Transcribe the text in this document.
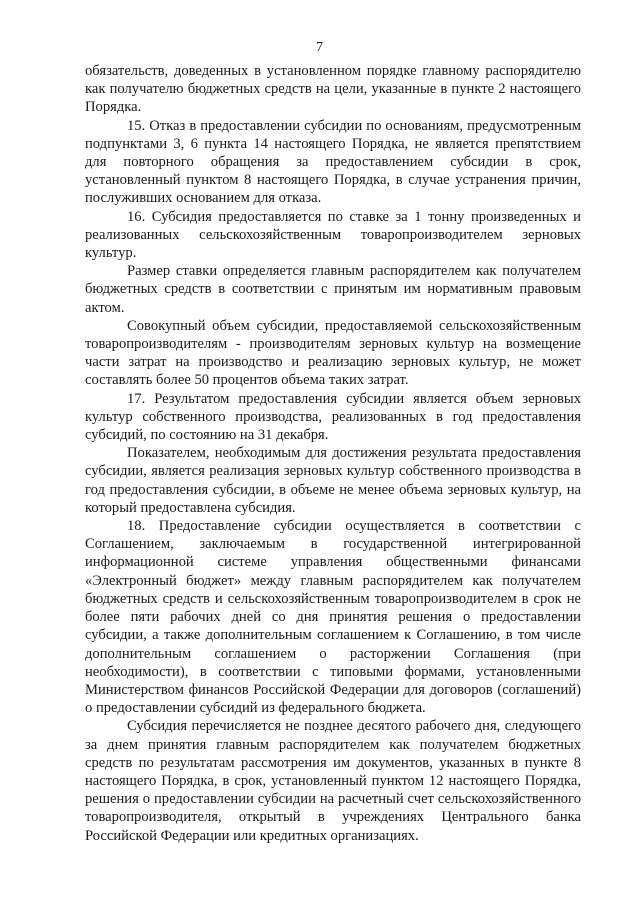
7

обязательств, доведенных в установленном порядке главному распорядителю как получателю бюджетных средств на цели, указанные в пункте 2 настоящего Порядка.

15. Отказ в предоставлении субсидии по основаниям, предусмотренным подпунктами 3, 6 пункта 14 настоящего Порядка, не является препятствием для повторного обращения за предоставлением субсидии в срок, установленный пунктом 8 настоящего Порядка, в случае устранения причин, послуживших основанием для отказа.

16. Субсидия предоставляется по ставке за 1 тонну произведенных и реализованных сельскохозяйственным товаропроизводителем зерновых культур.

Размер ставки определяется главным распорядителем как получателем бюджетных средств в соответствии с принятым им нормативным правовым актом.

Совокупный объем субсидии, предоставляемой сельскохозяйственным товаропроизводителям - производителям зерновых культур на возмещение части затрат на производство и реализацию зерновых культур, не может составлять более 50 процентов объема таких затрат.

17. Результатом предоставления субсидии является объем зерновых культур собственного производства, реализованных в год предоставления субсидий, по состоянию на 31 декабря.

Показателем, необходимым для достижения результата предоставления субсидии, является реализация зерновых культур собственного производства в год предоставления субсидии, в объеме не менее объема зерновых культур, на который предоставлена субсидия.

18. Предоставление субсидии осуществляется в соответствии с Соглашением, заключаемым в государственной интегрированной информационной системе управления общественными финансами «Электронный бюджет» между главным распорядителем как получателем бюджетных средств и сельскохозяйственным товаропроизводителем в срок не более пяти рабочих дней со дня принятия решения о предоставлении субсидии, а также дополнительным соглашением к Соглашению, в том числе дополнительным соглашением о расторжении Соглашения (при необходимости), в соответствии с типовыми формами, установленными Министерством финансов Российской Федерации для договоров (соглашений) о предоставлении субсидий из федерального бюджета.

Субсидия перечисляется не позднее десятого рабочего дня, следующего за днем принятия главным распорядителем как получателем бюджетных средств по результатам рассмотрения им документов, указанных в пункте 8 настоящего Порядка, в срок, установленный пунктом 12 настоящего Порядка, решения о предоставлении субсидии на расчетный счет сельскохозяйственного товаропроизводителя, открытый в учреждениях Центрального банка Российской Федерации или кредитных организациях.
